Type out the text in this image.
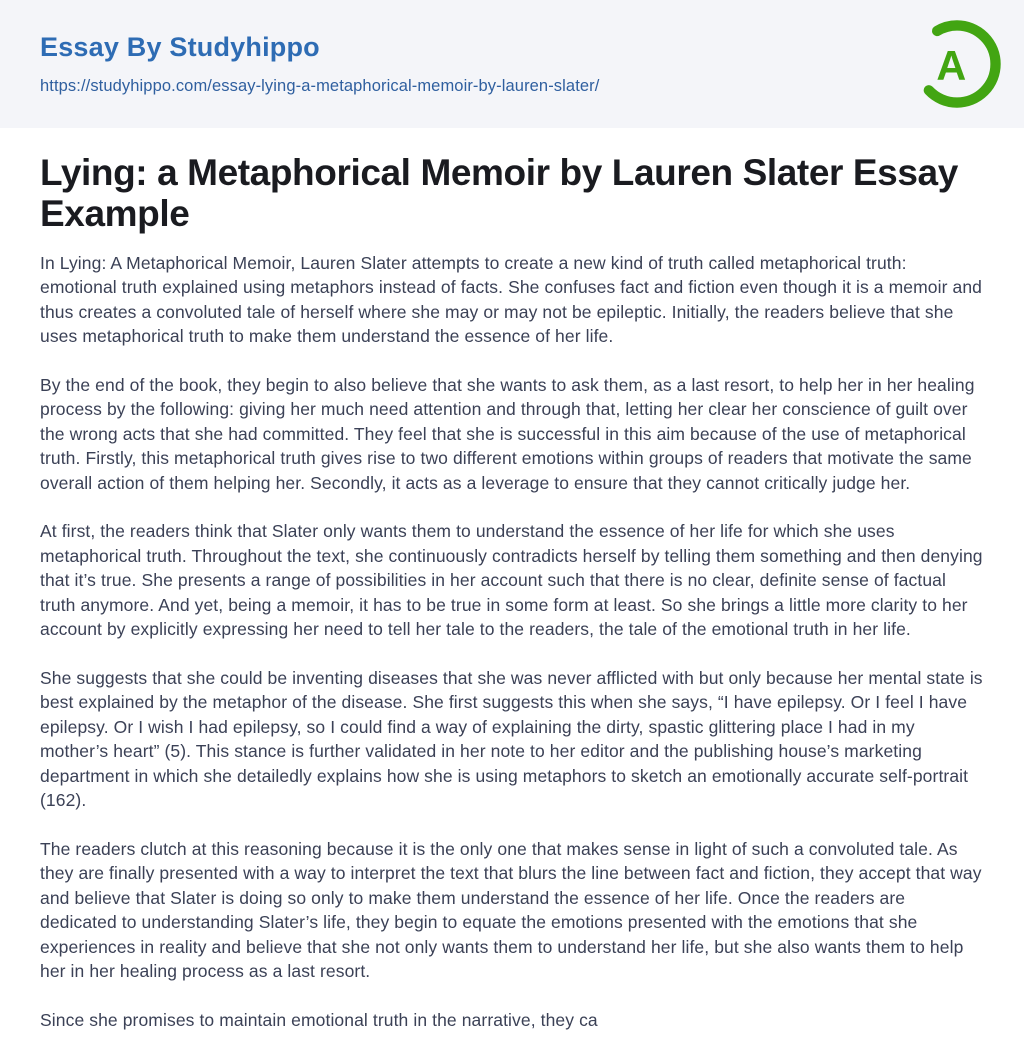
Essay By Studyhippo
https://studyhippo.com/essay-lying-a-metaphorical-memoir-by-lauren-slater/	A
Lying: a Metaphorical Memoir by Lauren Slater Essay Example

In Lying: A Metaphorical Memoir, Lauren Slater attempts to create a new kind of truth called metaphorical truth: emotional truth explained using metaphors instead of facts. She confuses fact and fiction even though it is a memoir and thus creates a convoluted tale of herself where she may or may not be epileptic. Initially, the readers believe that she uses metaphorical truth to make them understand the essence of her life.

By the end of the book, they begin to also believe that she wants to ask them, as a last resort, to help her in her healing process by the following: giving her much need attention and through that, letting her clear her conscience of guilt over the wrong acts that she had committed. They feel that she is successful in this aim because of the use of metaphorical truth. Firstly, this metaphorical truth gives rise to two different emotions within groups of readers that motivate the same overall action of them helping her. Secondly, it acts as a leverage to ensure that they cannot critically judge her.

At first, the readers think that Slater only wants them to understand the essence of her life for which she uses metaphorical truth. Throughout the text, she continuously contradicts herself by telling them something and then denying that it’s true. She presents a range of possibilities in her account such that there is no clear, definite sense of factual truth anymore. And yet, being a memoir, it has to be true in some form at least. So she brings a little more clarity to her account by explicitly expressing her need to tell her tale to the readers, the tale of the emotional truth in her life.

She suggests that she could be inventing diseases that she was never afflicted with but only because her mental state is best explained by the metaphor of the disease. She first suggests this when she says, “I have epilepsy. Or I feel I have epilepsy. Or I wish I had epilepsy, so I could find a way of explaining the dirty, spastic glittering place I had in my mother’s heart” (5). This stance is further validated in her note to her editor and the publishing house’s marketing department in which she detailedly explains how she is using metaphors to sketch an emotionally accurate self-portrait (162).

The readers clutch at this reasoning because it is the only one that makes sense in light of such a convoluted tale. As they are finally presented with a way to interpret the text that blurs the line between fact and fiction, they accept that way and believe that Slater is doing so only to make them understand the essence of her life. Once the readers are dedicated to understanding Slater’s life, they begin to equate the emotions presented with the emotions that she experiences in reality and believe that she not only wants them to understand her life, but she also wants them to help her in her healing process as a last resort.

Since she promises to maintain emotional truth in the narrative, they ca
